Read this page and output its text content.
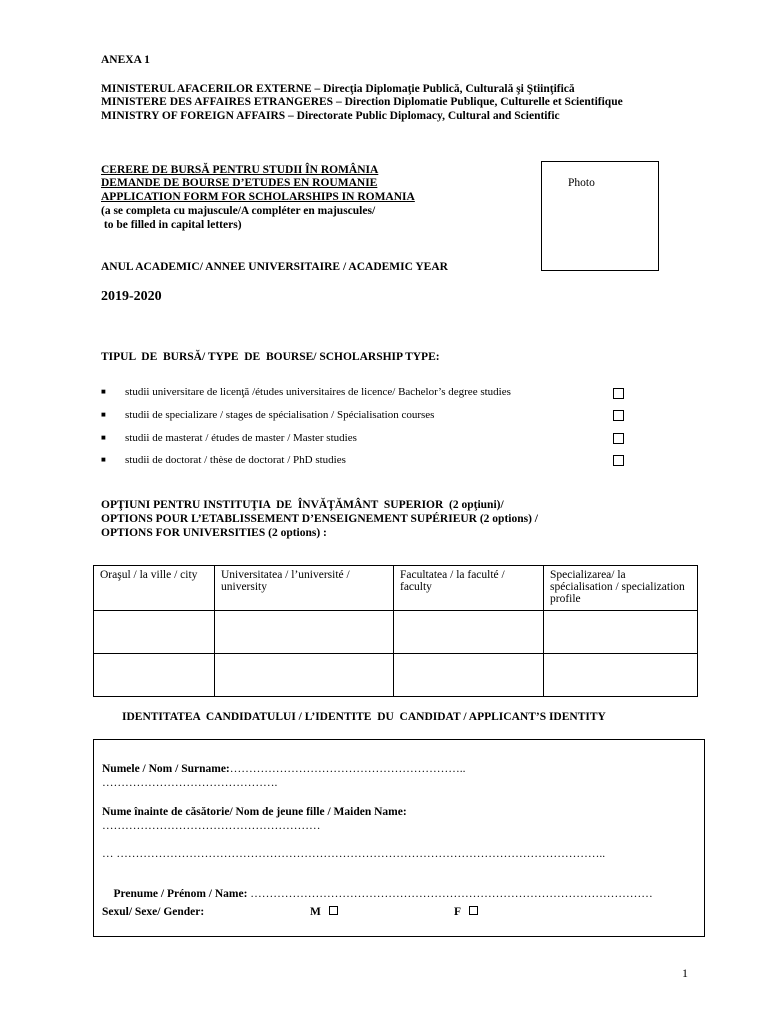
ANEXA 1
MINISTERUL AFACERILOR EXTERNE – Direcţia Diplomaţie Publică, Culturală şi Ştiinţifică
MINISTERE DES AFFAIRES ETRANGERES – Direction Diplomatie Publique, Culturelle et Scientifique
MINISTRY OF FOREIGN AFFAIRS – Directorate Public Diplomacy, Cultural and Scientific
CERERE DE BURSĂ PENTRU STUDII ÎN ROMÂNIA
DEMANDE DE BOURSE D’ETUDES EN ROUMANIE
APPLICATION FORM FOR SCHOLARSHIPS IN ROMANIA
(a se completa cu majuscule/A compléter en majuscules/
to be filled in capital letters)
Photo
ANUL ACADEMIC/ ANNEE UNIVERSITAIRE / ACADEMIC YEAR
2019-2020
TIPUL  DE  BURSĂ/ TYPE  DE  BOURSE/ SCHOLARSHIP TYPE:
■ studii universitare de licenţă /études universitaires de licence/ Bachelor’s degree studies
■ studii de specializare / stages de spécialisation / Spécialisation courses
■ studii de masterat / études de master / Master studies
■ studii de doctorat / thèse de doctorat / PhD studies
OPŢIUNI PENTRU INSTITUŢIA  DE  ÎNVĂŢĂMÂNT  SUPERIOR  (2 opţiuni)/
OPTIONS POUR L’ETABLISSEMENT D’ENSEIGNEMENT SUPÉRIEUR (2 options) /
OPTIONS FOR UNIVERSITIES (2 options) :
Oraşul / la ville / city	Universitatea / l’université / university	Facultatea / la faculté / faculty	Specializarea/ la spécialisation / specialization profile

IDENTITATEA  CANDIDATULUI / L’IDENTITE  DU  CANDIDAT / APPLICANT’S IDENTITY
Numele / Nom / Surname:……………………………………………………..
……………………………………….
Nume înainte de căsătorie/ Nom de jeune fille / Maiden Name:
…………………………………………………
… ………………………………………………………………………………………………………………..

Prenume / Prénom / Name: ……………………………………………………………………………………………

Sexul/ Sexe/ Gender:	M	F
1
